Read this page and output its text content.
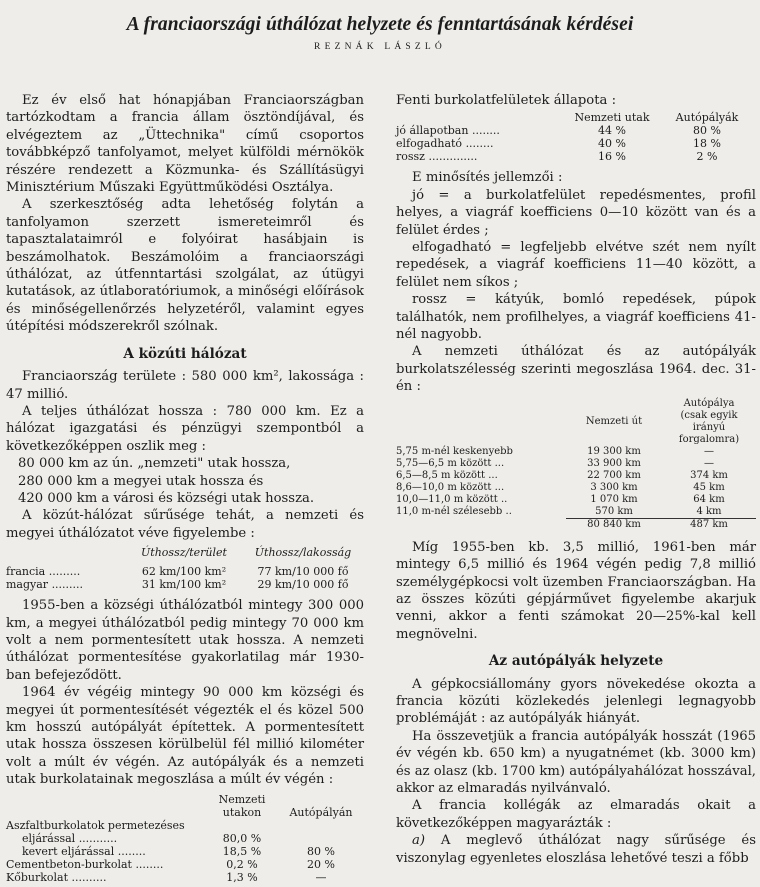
A franciaországi úthálózat helyzete és fenntartásának kérdései
REZNÁK LÁSZLÓ

Ez év első hat hónapjában Franciaországban tartózkodtam a francia állam ösztöndíjával, és elvégeztem az „Üttechnika" című csoportos továbbképző tanfolyamot, melyet külföldi mérnökök részére rendezett a Közmunka- és Szállításügyi Minisztérium Műszaki Együttműködési Osztálya.

A szerkesztőség adta lehetőség folytán a tanfolyamon szerzett ismereteimről és tapasztalataimról e folyóirat hasábjain is beszámolhatok. Beszámolóim a franciaországi úthálózat, az útfenntartási szolgálat, az útügyi kutatások, az útlaboratóriumok, a minőségi előírások és minőségellenőrzés helyzetéről, valamint egyes útépítési módszerekről szólnak.

A közúti hálózat

Franciaország területe : 580 000 km², lakossága : 47 millió.

A teljes úthálózat hossza : 780 000 km. Ez a hálózat igazgatási és pénzügyi szempontból a következőképpen oszlik meg :

80 000 km az ún. „nemzeti" utak hossza,
280 000 km a megyei utak hossza és
420 000 km a városi és községi utak hossza.

A közút-hálózat sűrűsége tehát, a nemzeti és megyei úthálózatot véve figyelembe :

	Úthossz/terület	Úthossz/lakosság

francia .........	62 km/100 km²	77 km/10 000 fő
magyar .........	31 km/100 km²	29 km/10 000 fő

1955-ben a községi úthálózatból mintegy 300 000 km, a megyei úthálózatból pedig mintegy 70 000 km volt a nem pormentesített utak hossza. A nemzeti úthálózat pormentesítése gyakorlatilag már 1930-ban befejeződött.

1964 év végéig mintegy 90 000 km községi és megyei út pormentesítését végezték el és közel 500 km hosszú autópályát építettek. A pormentesített utak hossza összesen körülbelül fél millió kilométer volt a múlt év végén. Az autópályák és a nemzeti utak burkolatainak megoszlása a múlt év végén :

	Nemzeti
utakon	Autópályán
Aszfaltburkolatok permetezéses		
eljárással ...........	80,0 %	
kevert eljárással ........	18,5 %	80 %
Cementbeton-burkolat ........	0,2 %	20 %
Kőburkolat ..........	1,3 %	—

Fenti burkolatfelületek állapota :

	Nemzeti utak	Autópályák
jó állapotban ........	44 %	80 %
elfogadható ........	40 %	18 %
rossz ..............	16 %	2 %

E minősítés jellemzői :

jó = a burkolatfelület repedésmentes, profil helyes, a viagráf koefficiens 0—10 között van és a felület érdes ;

elfogadható = legfeljebb elvétve szét nem nyílt repedések, a viagráf koefficiens 11—40 között, a felület nem síkos ;

rossz = kátyúk, bomló repedések, púpok találhatók, nem profilhelyes, a viagráf koefficiens 41-nél nagyobb.

A nemzeti úthálózat és az autópályák burkolatszélesség szerinti megoszlása 1964. dec. 31-én :

	Nemzeti út	Autópálya
(csak egyik
irányú
forgalomra)

5,75 m-nél keskenyebb	19 300 km	—
5,75—6,5 m között ...	33 900 km	—
6,5—8,5 m között ...	22 700 km	374 km
8,6—10,0 m között ...	3 300 km	45 km
10,0—11,0 m között ..	1 070 km	64 km
11,0 m-nél szélesebb ..	570 km	4 km
	80 840 km	487 km

Míg 1955-ben kb. 3,5 millió, 1961-ben már mintegy 6,5 millió és 1964 végén pedig 7,8 millió személygépkocsi volt üzemben Franciaországban. Ha az összes közúti gépjárművet figyelembe akarjuk venni, akkor a fenti számokat 20—25%-kal kell megnövelni.

Az autópályák helyzete

A gépkocsiállomány gyors növekedése okozta a francia közúti közlekedés jelenlegi legnagyobb problémáját : az autópályák hiányát.

Ha összevetjük a francia autópályák hosszát (1965 év végén kb. 650 km) a nyugatnémet (kb. 3000 km) és az olasz (kb. 1700 km) autópályahálózat hosszával, akkor az elmaradás nyilvánvaló.

A francia kollégák az elmaradás okait a következőképpen magyarázták :

a) A meglevő úthálózat nagy sűrűsége és viszonylag egyenletes eloszlása lehetővé teszi a főbb
